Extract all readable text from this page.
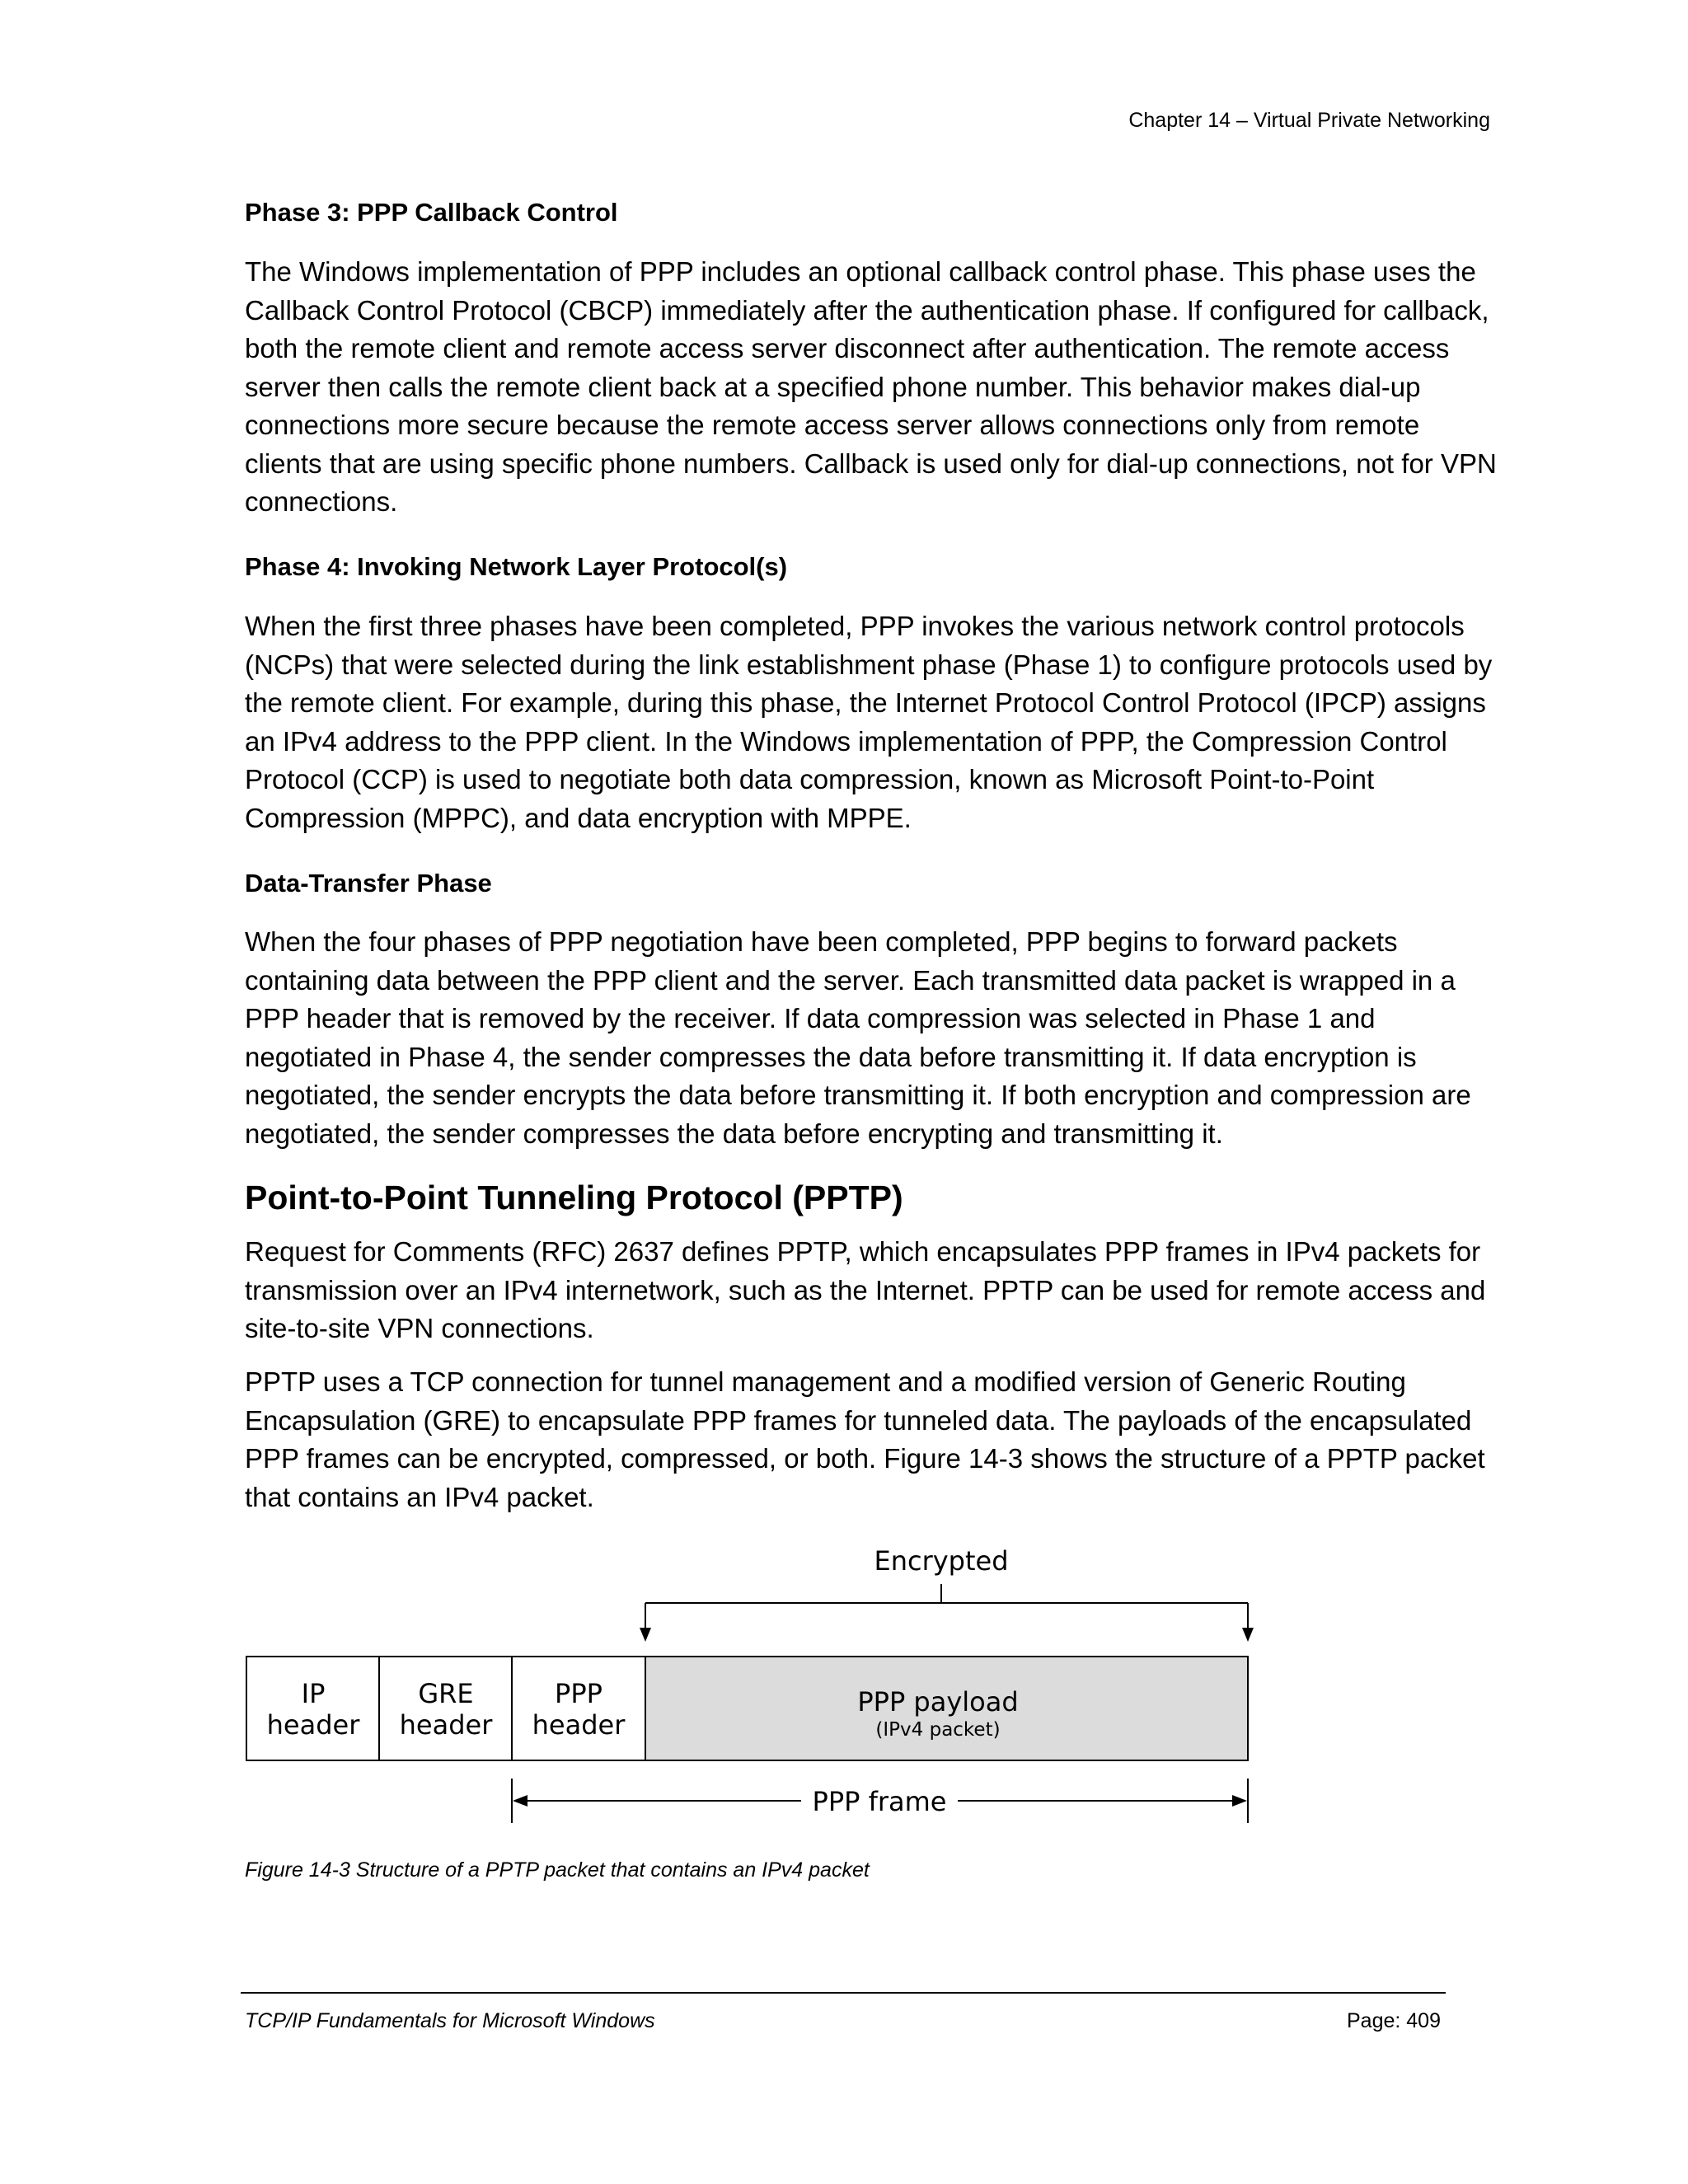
Chapter 14 – Virtual Private Networking
Phase 3: PPP Callback Control

The Windows implementation of PPP includes an optional callback control phase. This phase uses the Callback Control Protocol (CBCP) immediately after the authentication phase. If configured for callback, both the remote client and remote access server disconnect after authentication. The remote access server then calls the remote client back at a specified phone number. This behavior makes dial-up connections more secure because the remote access server allows connections only from remote clients that are using specific phone numbers. Callback is used only for dial-up connections, not for VPN connections.

Phase 4: Invoking Network Layer Protocol(s)

When the first three phases have been completed, PPP invokes the various network control protocols (NCPs) that were selected during the link establishment phase (Phase 1) to configure protocols used by the remote client. For example, during this phase, the Internet Protocol Control Protocol (IPCP) assigns an IPv4 address to the PPP client. In the Windows implementation of PPP, the Compression Control Protocol (CCP) is used to negotiate both data compression, known as Microsoft Point-to-Point Compression (MPPC), and data encryption with MPPE.

Data-Transfer Phase

When the four phases of PPP negotiation have been completed, PPP begins to forward packets containing data between the PPP client and the server. Each transmitted data packet is wrapped in a PPP header that is removed by the receiver. If data compression was selected in Phase 1 and negotiated in Phase 4, the sender compresses the data before transmitting it. If data encryption is negotiated, the sender encrypts the data before transmitting it. If both encryption and compression are negotiated, the sender compresses the data before encrypting and transmitting it.

Point-to-Point Tunneling Protocol (PPTP)

Request for Comments (RFC) 2637 defines PPTP, which encapsulates PPP frames in IPv4 packets for transmission over an IPv4 internetwork, such as the Internet. PPTP can be used for remote access and site-to-site VPN connections.

PPTP uses a TCP connection for tunnel management and a modified version of Generic Routing Encapsulation (GRE) to encapsulate PPP frames for tunneled data. The payloads of the encapsulated PPP frames can be encrypted, compressed, or both. Figure 14-3 shows the structure of a PPTP packet that contains an IPv4 packet.

Encrypted
IP
header
GRE
header
PPP
header
PPP payload
(IPv4 packet)
PPP frame
Figure 14-3 Structure of a PPTP packet that contains an IPv4 packet
TCP/IP Fundamentals for Microsoft Windows	Page: 409
